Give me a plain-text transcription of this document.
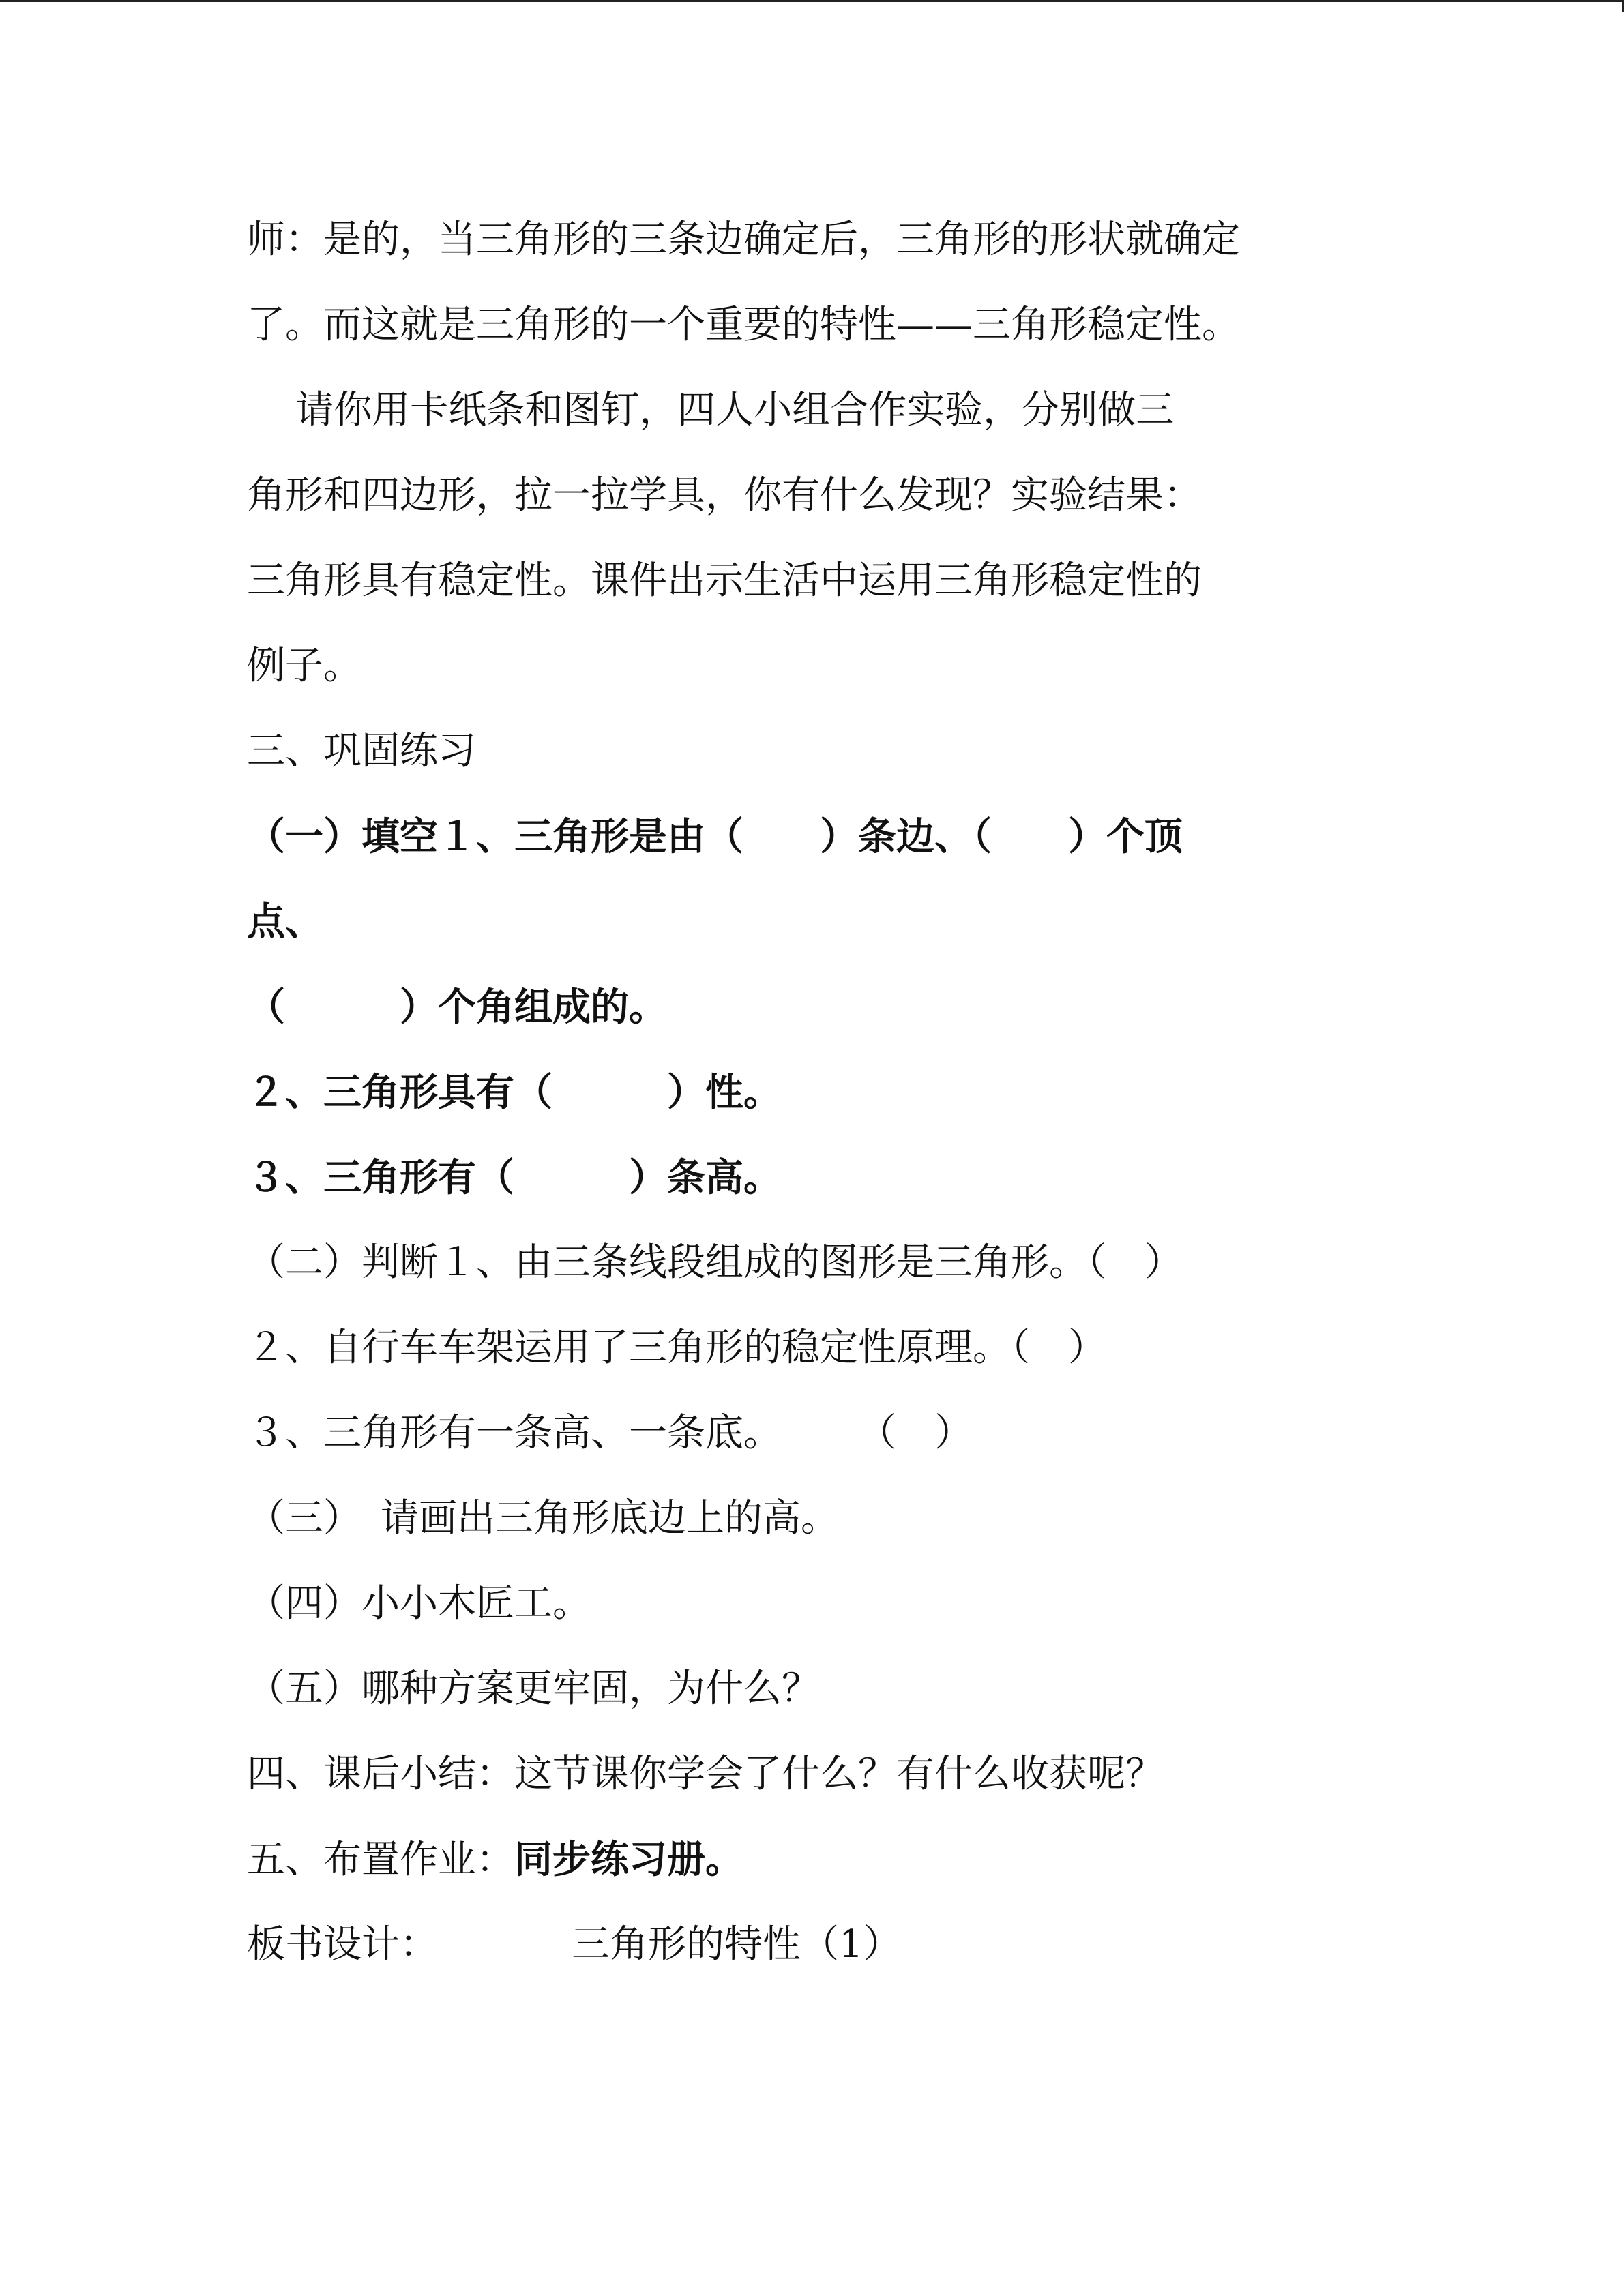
师：是的，当三角形的三条边确定后，三角形的形状就确定
了。而这就是三角形的一个重要的特性——三角形稳定性。
请你用卡纸条和图钉，四人小组合作实验，分别做三
角形和四边形，拉一拉学具，你有什么发现？实验结果：
三角形具有稳定性。课件出示生活中运用三角形稳定性的
例子。
三、巩固练习
（一）填空１、三角形是由（　　）条边、（　　）个顶
点、
（　　　）个角组成的。
２、三角形具有（　　　）性。
３、三角形有（　　　）条高。
（二）判断１、由三条线段组成的图形是三角形。（　）
２、自行车车架运用了三角形的稳定性原理。（　）
３、三角形有一条高、一条底。　　　（　）
（三）　请画出三角形底边上的高。
（四）小小木匠工。
（五）哪种方案更牢固，为什么？
四、课后小结：这节课你学会了什么？有什么收获呢？
五、布置作业：同步练习册。
板书设计：	三角形的特性（1）
